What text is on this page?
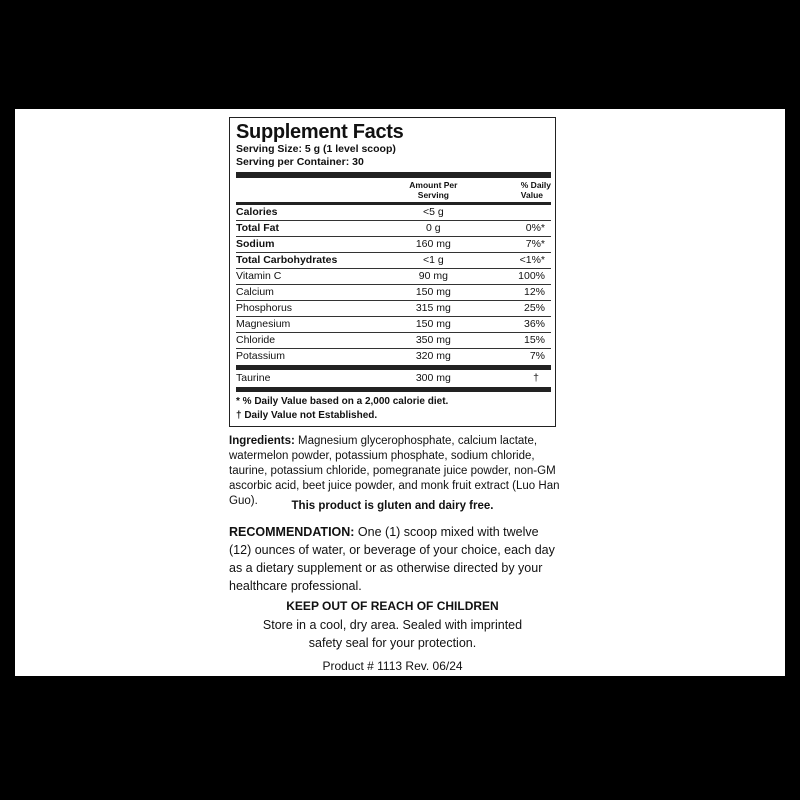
Supplement Facts
Serving Size: 5 g (1 level scoop)
Serving per Container: 30
Amount Per
Serving
% Daily
Value
Calories	<5 g
Total Fat	0 g	0%*
Sodium	160 mg	7%*
Total Carbohydrates	<1 g	<1%*
Vitamin C	90 mg	100%
Calcium	150 mg	12%
Phosphorus	315 mg	25%
Magnesium	150 mg	36%
Chloride	350 mg	15%
Potassium	320 mg	7%
Taurine	300 mg	†
* % Daily Value based on a 2,000 calorie diet.
† Daily Value not Established.

Ingredients: Magnesium glycerophosphate, calcium lactate, watermelon powder, potassium phosphate, sodium chloride, taurine, potassium chloride, pomegranate juice powder, non-GM ascorbic acid, beet juice powder, and monk fruit extract (Luo Han Guo).	This product is gluten and dairy free.

RECOMMENDATION: One (1) scoop mixed with twelve (12) ounces of water, or beverage of your choice, each day as a dietary supplement or as otherwise directed by your healthcare professional.

KEEP OUT OF REACH OF CHILDREN
Store in a cool, dry area. Sealed with imprinted
safety seal for your protection.
Product # 1113 Rev. 06/24
